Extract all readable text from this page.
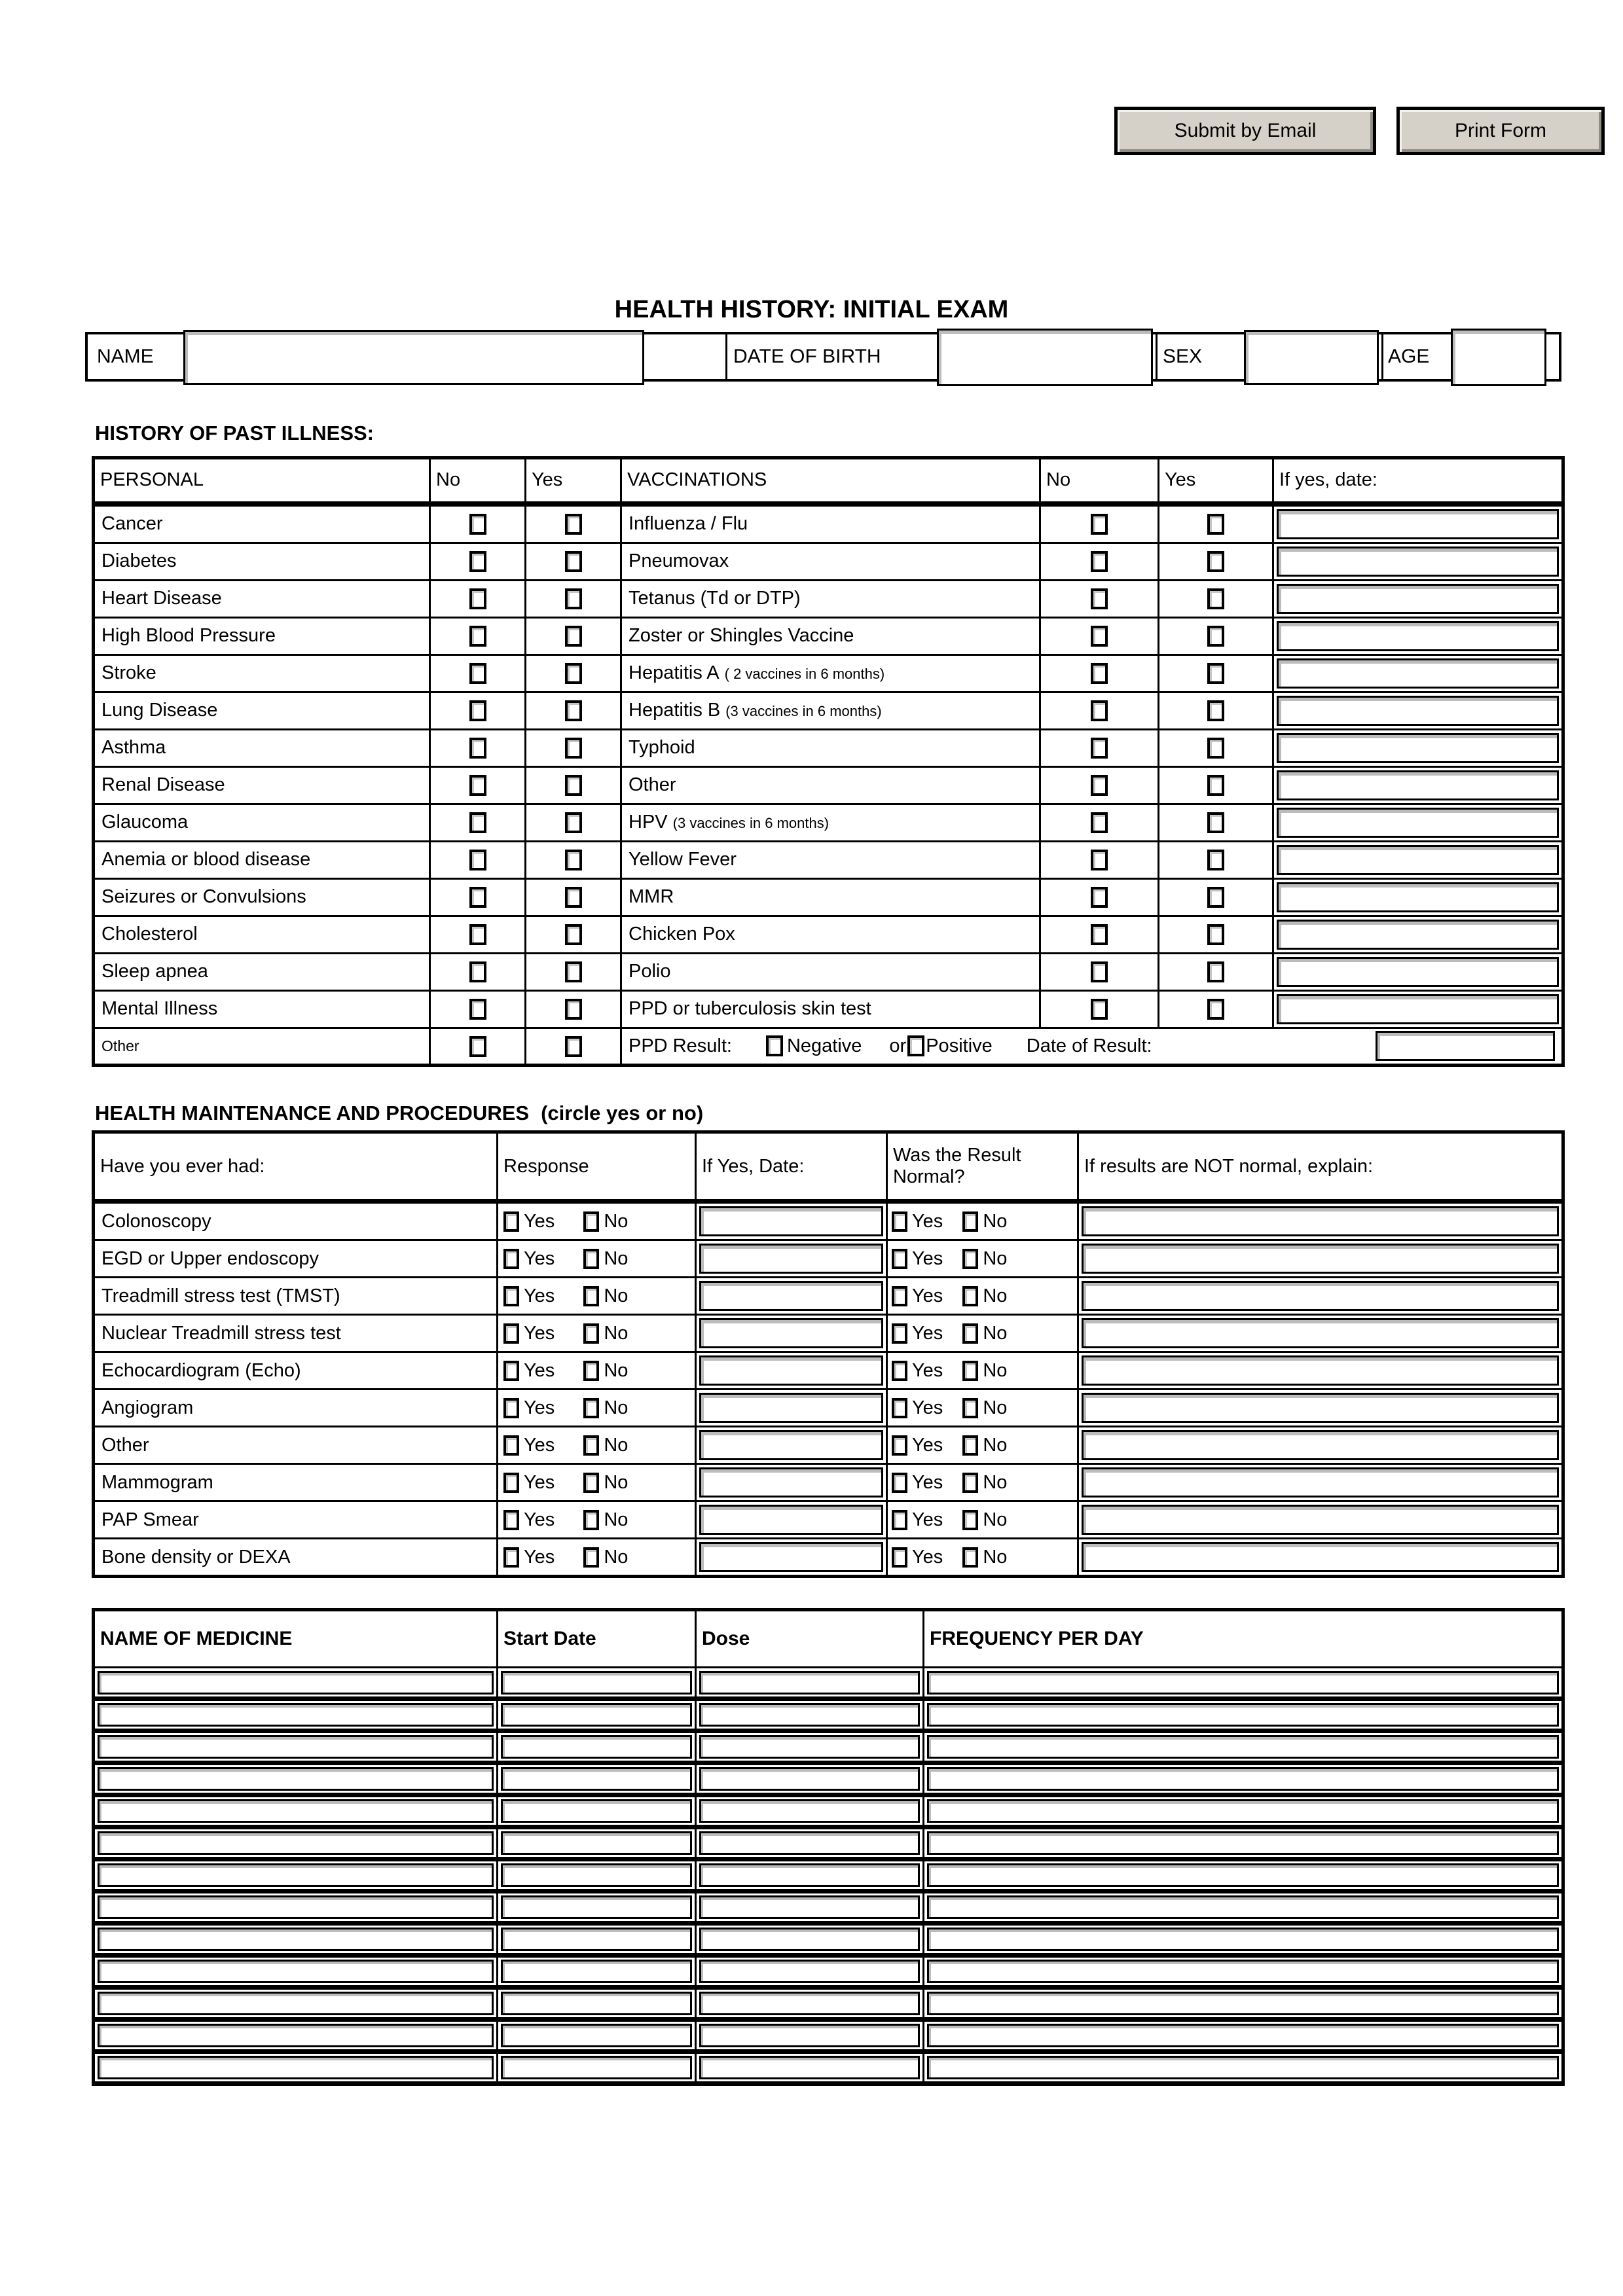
Submit by Email	Print Form
HEALTH HISTORY: INITIAL EXAM
NAME	DATE OF BIRTH	SEX	AGE
HISTORY OF PAST ILLNESS:
PERSONAL	No	Yes	VACCINATIONS	No	Yes	If yes, date:
Cancer			Influenza / Flu			

Diabetes			Pneumovax			

Heart Disease			Tetanus (Td or DTP)			

High Blood Pressure			Zoster or Shingles Vaccine			

Stroke			Hepatitis A ( 2 vaccines in 6 months)			

Lung Disease			Hepatitis B (3 vaccines in 6 months)			

Asthma			Typhoid			

Renal Disease			Other			

Glaucoma			HPV (3 vaccines in 6 months)			

Anemia or blood disease			Yellow Fever			

Seizures or Convulsions			MMR			

Cholesterol			Chicken Pox			

Sleep apnea			Polio			

Mental Illness			PPD or tuberculosis skin test			

Other			PPD Result: Negative or Positive Date of Result:			
HEALTH MAINTENANCE AND PROCEDURES (circle yes or no)
Have you ever had:	Response	If Yes, Date:	Was the Result Normal?	If results are NOT normal, explain:
Colonoscopy	Yes No		Yes No	

EGD or Upper endoscopy	Yes No		Yes No	

Treadmill stress test (TMST)	Yes No		Yes No	

Nuclear Treadmill stress test	Yes No		Yes No	

Echocardiogram (Echo)	Yes No		Yes No	

Angiogram	Yes No		Yes No	

Other	Yes No		Yes No	

Mammogram	Yes No		Yes No	

PAP Smear	Yes No		Yes No	

Bone density or DEXA	Yes No		Yes No	

NAME OF MEDICINE	Start Date	Dose	FREQUENCY PER DAY
